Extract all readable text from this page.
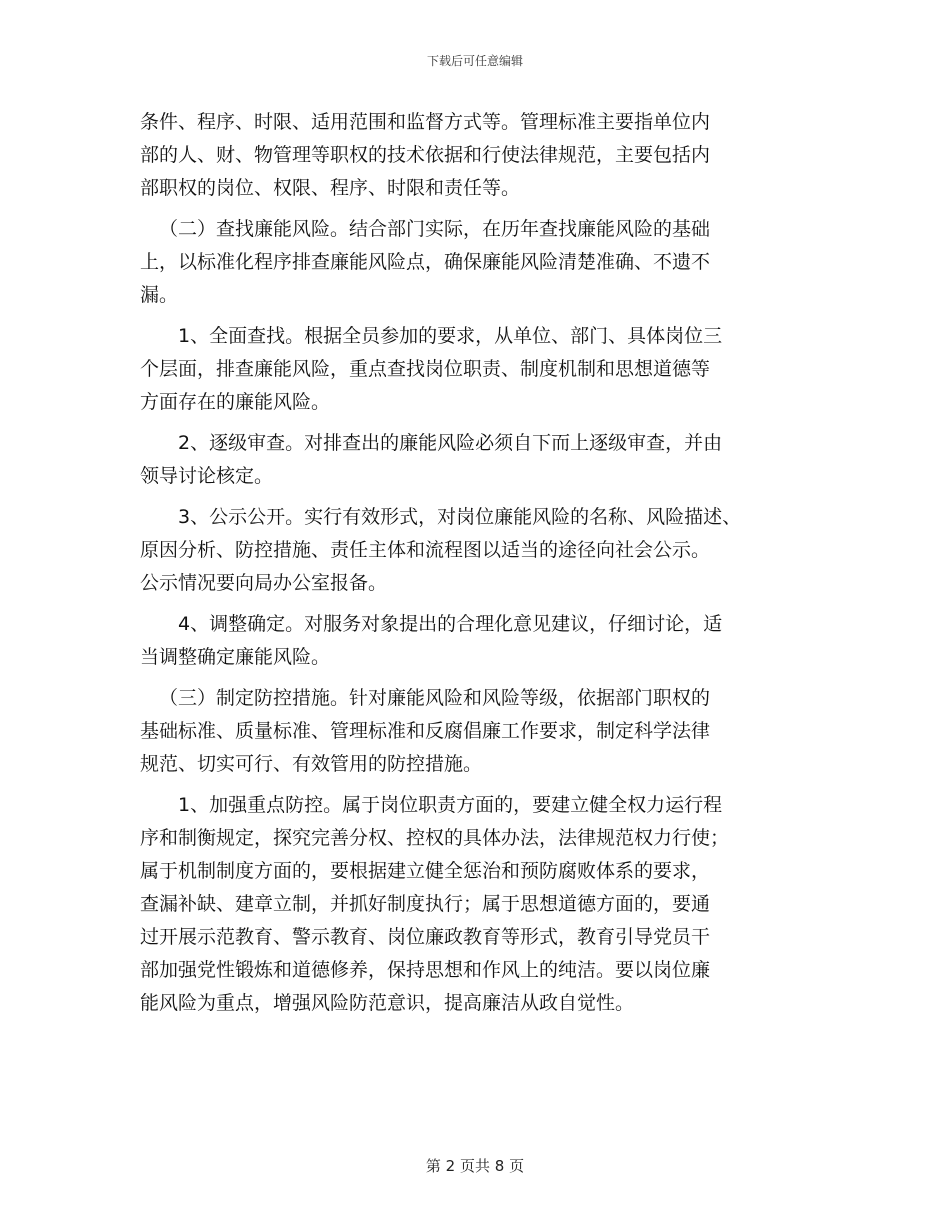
下载后可任意编辑
条件、程序、时限、适用范围和监督方式等。管理标准主要指单位内
部的人、财、物管理等职权的技术依据和行使法律规范，主要包括内
部职权的岗位、权限、程序、时限和责任等。
（二）查找廉能风险。结合部门实际，在历年查找廉能风险的基础
上，以标准化程序排查廉能风险点，确保廉能风险清楚准确、不遗不
漏。
1、全面查找。根据全员参加的要求，从单位、部门、具体岗位三
个层面，排查廉能风险，重点查找岗位职责、制度机制和思想道德等
方面存在的廉能风险。
2、逐级审查。对排查出的廉能风险必须自下而上逐级审查，并由
领导讨论核定。
3、公示公开。实行有效形式，对岗位廉能风险的名称、风险描述、
原因分析、防控措施、责任主体和流程图以适当的途径向社会公示。
公示情况要向局办公室报备。
4、调整确定。对服务对象提出的合理化意见建议，仔细讨论，适
当调整确定廉能风险。
（三）制定防控措施。针对廉能风险和风险等级，依据部门职权的
基础标准、质量标准、管理标准和反腐倡廉工作要求，制定科学法律
规范、切实可行、有效管用的防控措施。
1、加强重点防控。属于岗位职责方面的，要建立健全权力运行程
序和制衡规定，探究完善分权、控权的具体办法，法律规范权力行使；
属于机制制度方面的，要根据建立健全惩治和预防腐败体系的要求，
查漏补缺、建章立制，并抓好制度执行；属于思想道德方面的，要通
过开展示范教育、警示教育、岗位廉政教育等形式，教育引导党员干
部加强党性锻炼和道德修养，保持思想和作风上的纯洁。要以岗位廉
能风险为重点，增强风险防范意识，提高廉洁从政自觉性。
第 2 页共 8 页
